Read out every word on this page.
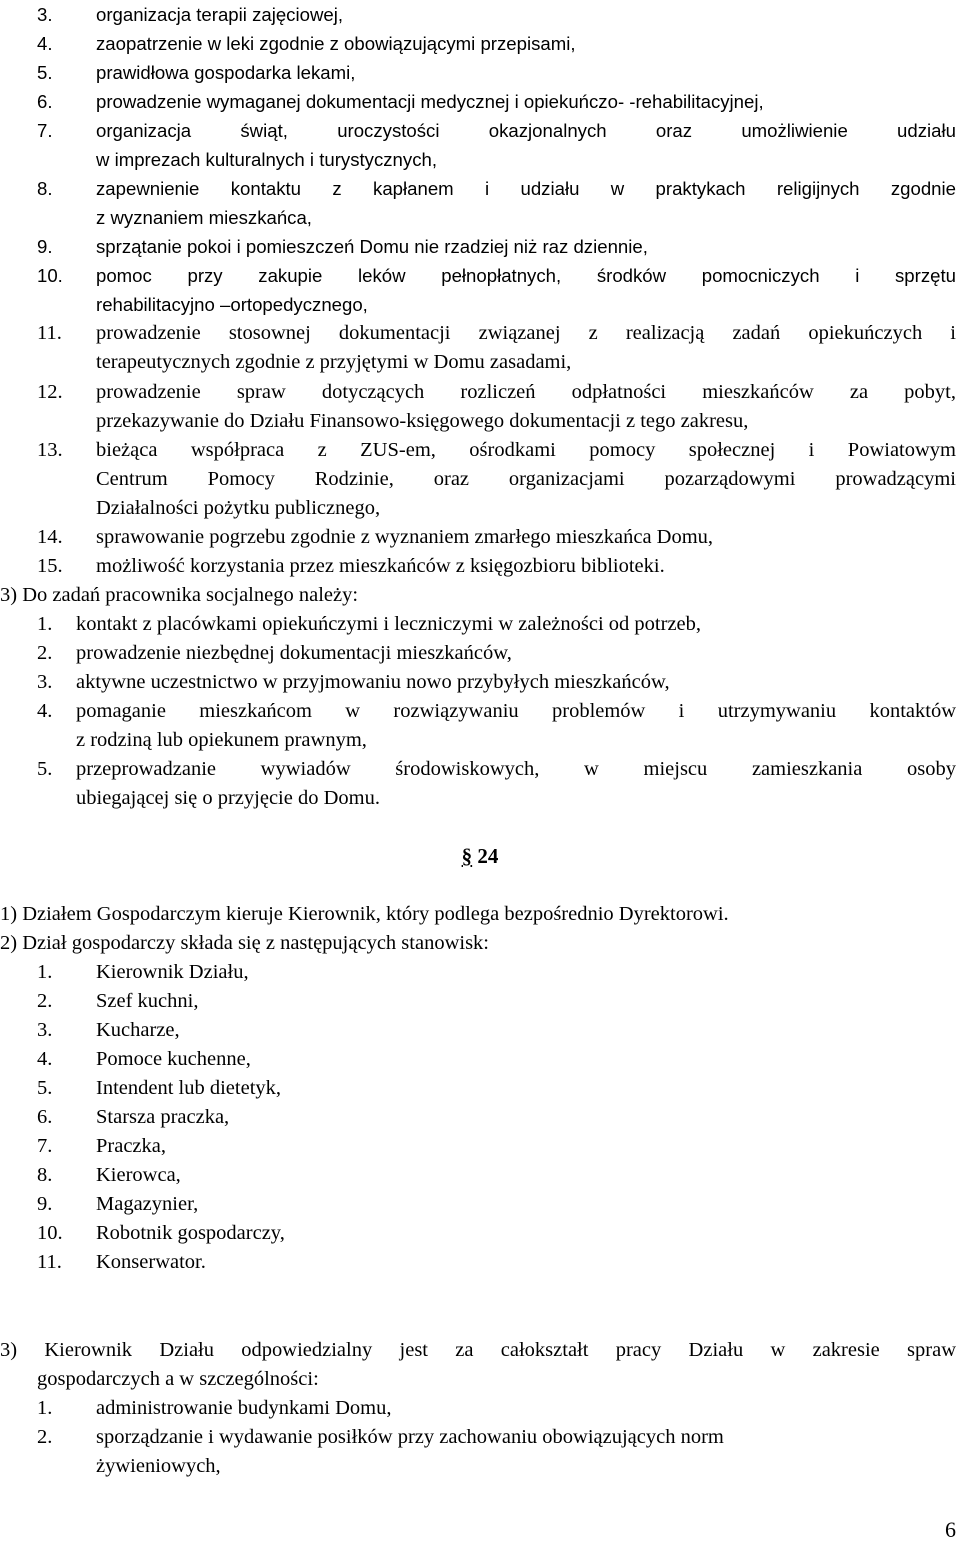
3. organizacja terapii zajęciowej,
4. zaopatrzenie w leki zgodnie z obowiązującymi przepisami,
5. prawidłowa gospodarka lekami,
6. prowadzenie wymaganej dokumentacji medycznej i opiekuńczo- -rehabilitacyjnej,
7. organizacja świąt, uroczystości okazjonalnych oraz umożliwienie udziału
w imprezach kulturalnych i turystycznych,
8. zapewnienie kontaktu z kapłanem i udziału w praktykach religijnych zgodnie
z wyznaniem mieszkańca,
9. sprzątanie pokoi i pomieszczeń Domu nie rzadziej niż raz dziennie,
10. pomoc przy zakupie leków pełnopłatnych, środków pomocniczych i sprzętu
rehabilitacyjno –ortopedycznego,
11. prowadzenie stosownej dokumentacji związanej z realizacją zadań opiekuńczych i
terapeutycznych zgodnie z przyjętymi w Domu zasadami,
12. prowadzenie spraw dotyczących rozliczeń odpłatności mieszkańców za pobyt,
przekazywanie do Działu Finansowo-księgowego dokumentacji z tego zakresu,
13. bieżąca współpraca z ZUS-em, ośrodkami pomocy społecznej i Powiatowym
Centrum Pomocy Rodzinie, oraz organizacjami pozarządowymi prowadzącymi
Działalności pożytku publicznego,
14. sprawowanie pogrzebu zgodnie z wyznaniem zmarłego mieszkańca Domu,
15. możliwość korzystania przez mieszkańców z księgozbioru biblioteki.
3) Do zadań pracownika socjalnego należy:
1. kontakt z placówkami opiekuńczymi i leczniczymi w zależności od potrzeb,
2. prowadzenie niezbędnej dokumentacji mieszkańców,
3. aktywne uczestnictwo w przyjmowaniu nowo przybyłych mieszkańców,
4. pomaganie mieszkańcom w rozwiązywaniu problemów i utrzymywaniu kontaktów
z rodziną lub opiekunem prawnym,
5. przeprowadzanie wywiadów środowiskowych, w miejscu zamieszkania osoby
ubiegającej się o przyjęcie do Domu.
§ 24
1) Działem Gospodarczym kieruje Kierownik, który podlega bezpośrednio Dyrektorowi.
2) Dział gospodarczy składa się z następujących stanowisk:
1. Kierownik Działu,
2. Szef kuchni,
3. Kucharze,
4. Pomoce kuchenne,
5. Intendent lub dietetyk,
6. Starsza praczka,
7. Praczka,
8. Kierowca,
9. Magazynier,
10. Robotnik gospodarczy,
11. Konserwator.
3) Kierownik Działu odpowiedzialny jest za całokształt pracy Działu w zakresie spraw
gospodarczych a w szczególności:
1. administrowanie budynkami Domu,
2. sporządzanie i wydawanie posiłków przy zachowaniu obowiązujących norm
żywieniowych,
6
